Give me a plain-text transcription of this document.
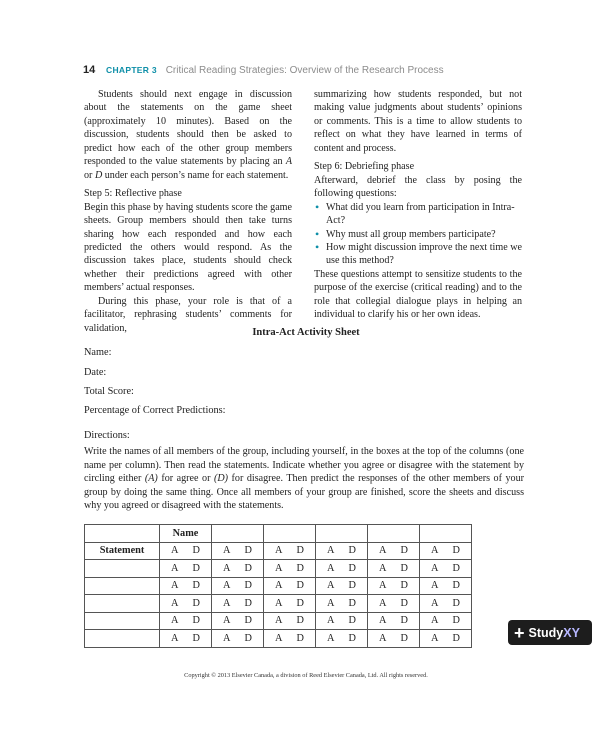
14 CHAPTER 3 Critical Reading Strategies: Overview of the Research Process

Students should next engage in discussion about the statements on the game sheet (approximately 10 minutes). Based on the discussion, students should then be asked to predict how each of the other group members responded to the value statements by placing an A or D under each person’s name for each statement.

Step 5: Reflective phase

Begin this phase by having students score the game sheets. Group members should then take turns sharing how each responded and how each predicted the others would respond. As the discussion takes place, students should check whether their predictions agreed with other members’ actual responses.

During this phase, your role is that of a facilitator, rephrasing students’ comments for validation,

summarizing how students responded, but not making value judgments about students’ opinions or comments. This is a time to allow students to reflect on what they have learned in terms of content and process.

Step 6: Debriefing phase

Afterward, debrief the class by posing the following questions:

• What did you learn from participation in Intra-Act?
• Why must all group members participate?
• How might discussion improve the next time we use this method?

These questions attempt to sensitize students to the purpose of the exercise (critical reading) and to the role that collegial dialogue plays in helping an individual to clarify his or her own ideas.

Intra-Act Activity Sheet
Name:
Date:
Total Score:
Percentage of Correct Predictions:
Directions:
Write the names of all members of the group, including yourself, in the boxes at the top of the columns (one name per column). Then read the statements. Indicate whether you agree or disagree with the statement by circling either (A) for agree or (D) for disagree. Then predict the responses of the other members of your group by doing the same thing. Once all members of your group are finished, score the sheets and discuss why you agreed or disagreed with the statements.
	Name					
Statement	A D	A D	A D	A D	A D	A D

	A D	A D	A D	A D	A D	A D

	A D	A D	A D	A D	A D	A D

	A D	A D	A D	A D	A D	A D

	A D	A D	A D	A D	A D	A D

	A D	A D	A D	A D	A D	A D	+ Study XY
Copyright © 2013 Elsevier Canada, a division of Reed Elsevier Canada, Ltd. All rights reserved.
